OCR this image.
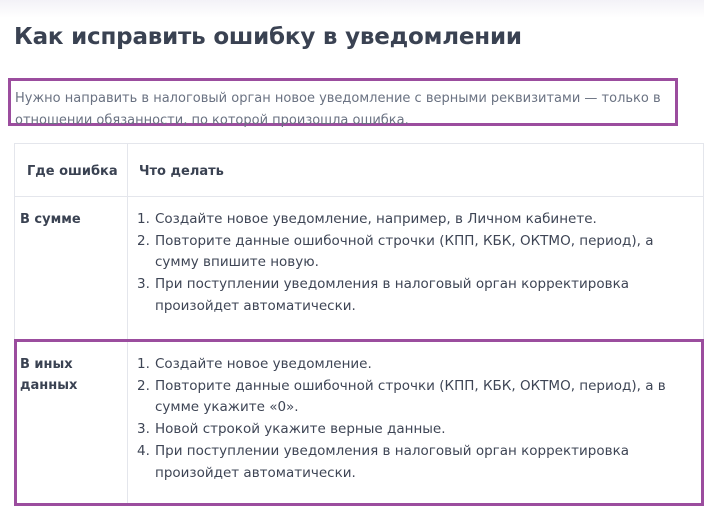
Как исправить ошибку в уведомлении
Нужно направить в налоговый орган новое уведомление с верными реквизитами — только в отношении обязанности, по которой произошла ошибка.
Где ошибка Что делать
В сумме	1. Создайте новое уведомление, например, в Личном кабинете.
2. Повторите данные ошибочной строчки (КПП, КБК, ОКТМО, период), а сумму впишите новую.
3. При поступлении уведомления в налоговый орган корректировка произойдет автоматически.
В иных данных
1. Создайте новое уведомление.
2. Повторите данные ошибочной строчки (КПП, КБК, ОКТМО, период), а в сумме укажите «0».
3. Новой строкой укажите верные данные.
4. При поступлении уведомления в налоговый орган корректировка произойдет автоматически.
